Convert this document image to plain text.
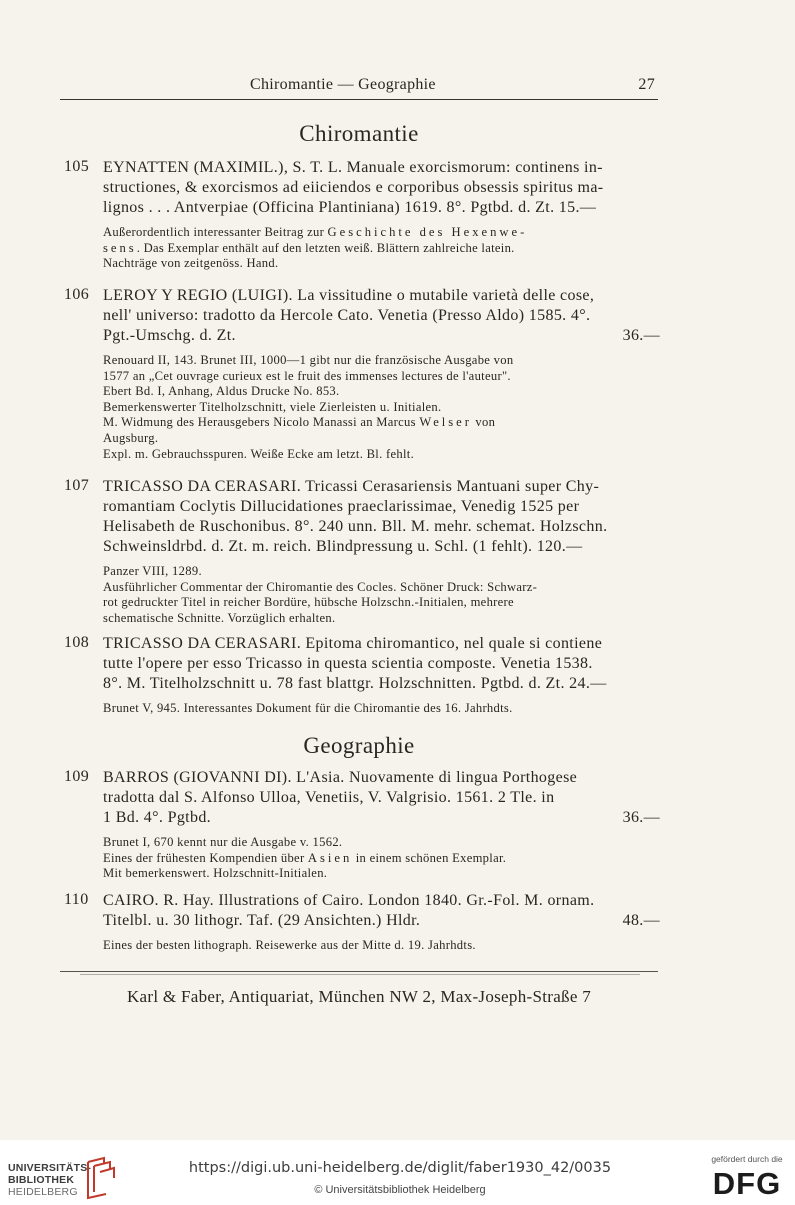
Chiromantie — Geographie	27
Chiromantie
105 EYNATTEN (MAXIMIL.), S. T. L. Manuale exorcismorum: continens in-
structiones, & exorcismos ad eiiciendos e corporibus obsessis spiritus ma-
lignos . . . Antverpiae (Officina Plantiniana) 1619. 8°. Pgtbd. d. Zt. 15.—
Außerordentlich interessanter Beitrag zur Geschichte des Hexenwe-
sens. Das Exemplar enthält auf den letzten weiß. Blättern zahlreiche latein.
Nachträge von zeitgenöss. Hand.
106 LEROY Y REGIO (LUIGI). La vissitudine o mutabile varietà delle cose,
nell' universo: tradotto da Hercole Cato. Venetia (Presso Aldo) 1585. 4°.
Pgt.-Umschg. d. Zt.	36.—
Renouard II, 143. Brunet III, 1000—1 gibt nur die französische Ausgabe von
1577 an „Cet ouvrage curieux est le fruit des immenses lectures de l'auteur".
Ebert Bd. I, Anhang, Aldus Drucke No. 853.
Bemerkenswerter Titelholzschnitt, viele Zierleisten u. Initialen.
M. Widmung des Herausgebers Nicolo Manassi an Marcus Welser von
Augsburg.
Expl. m. Gebrauchsspuren. Weiße Ecke am letzt. Bl. fehlt.
107 TRICASSO DA CERASARI. Tricassi Cerasariensis Mantuani super Chy-
romantiam Coclytis Dillucidationes praeclarissimae, Venedig 1525 per
Helisabeth de Ruschonibus. 8°. 240 unn. Bll. M. mehr. schemat. Holzschn.
Schweinsldrbd. d. Zt. m. reich. Blindpressung u. Schl. (1 fehlt). 120.—
Panzer VIII, 1289.
Ausführlicher Commentar der Chiromantie des Cocles. Schöner Druck: Schwarz-
rot gedruckter Titel in reicher Bordüre, hübsche Holzschn.-Initialen, mehrere
schematische Schnitte. Vorzüglich erhalten.
108 TRICASSO DA CERASARI. Epitoma chiromantico, nel quale si contiene
tutte l'opere per esso Tricasso in questa scientia composte. Venetia 1538.
8°. M. Titelholzschnitt u. 78 fast blattgr. Holzschnitten. Pgtbd. d. Zt. 24.—
Brunet V, 945. Interessantes Dokument für die Chiromantie des 16. Jahrhdts.
Geographie
109 BARROS (GIOVANNI DI). L'Asia. Nuovamente di lingua Porthogese
tradotta dal S. Alfonso Ulloa, Venetiis, V. Valgrisio. 1561. 2 Tle. in
1 Bd. 4°. Pgtbd.	36.—
Brunet I, 670 kennt nur die Ausgabe v. 1562.
Eines der frühesten Kompendien über Asien in einem schönen Exemplar.
Mit bemerkenswert. Holzschnitt-Initialen.
110 CAIRO. R. Hay. Illustrations of Cairo. London 1840. Gr.-Fol. M. ornam.
Titelbl. u. 30 lithogr. Taf. (29 Ansichten.) Hldr.	48.—
Eines der besten lithograph. Reisewerke aus der Mitte d. 19. Jahrhdts.
Karl & Faber, Antiquariat, München NW 2, Max-Joseph-Straße 7
UNIVERSITÄTS-
BIBLIOTHEK
HEIDELBERG
https://digi.ub.uni-heidelberg.de/diglit/faber1930_42/0035
© Universitätsbibliothek Heidelberg
gefördert durch die
DFG
